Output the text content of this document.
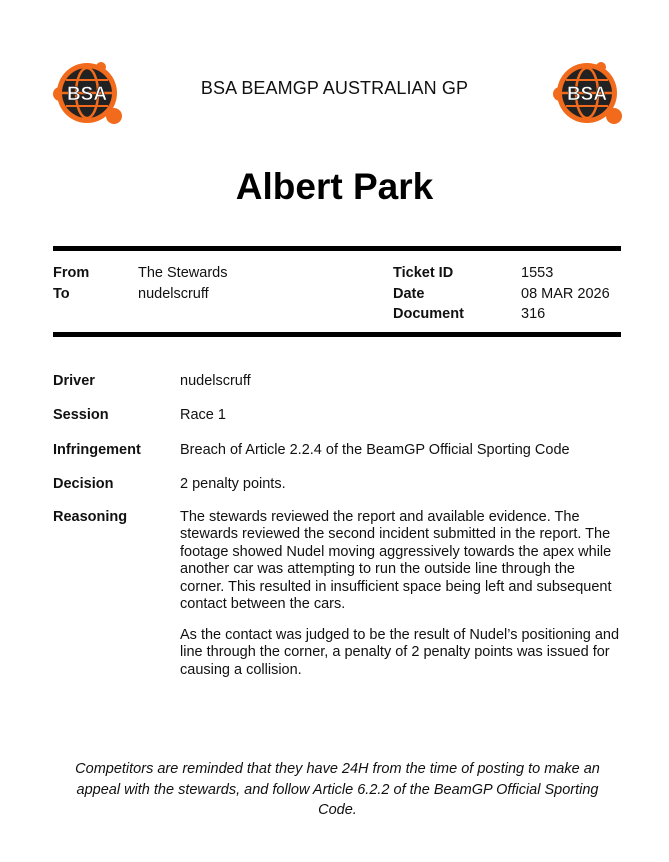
BSA	BSA
BSA BEAMGP AUSTRALIAN GP
Albert Park
From	The Stewards
To	nudelscruff
Ticket ID	1553
Date	08 MAR 2026
Document	316
Driver	nudelscruff
Session	Race 1
Infringement	Breach of Article 2.2.4 of the BeamGP Official Sporting Code
Decision	2 penalty points.
Reasoning	The stewards reviewed the report and available evidence. The stewards reviewed the second incident submitted in the report. The footage showed Nudel moving aggressively towards the apex while another car was attempting to run the outside line through the corner. This resulted in insufficient space being left and subsequent contact between the cars.

As the contact was judged to be the result of Nudel’s positioning and line through the corner, a penalty of 2 penalty points was issued for causing a collision.

Competitors are reminded that they have 24H from the time of posting to make an appeal with the stewards, and follow Article 6.2.2 of the BeamGP Official Sporting Code.
